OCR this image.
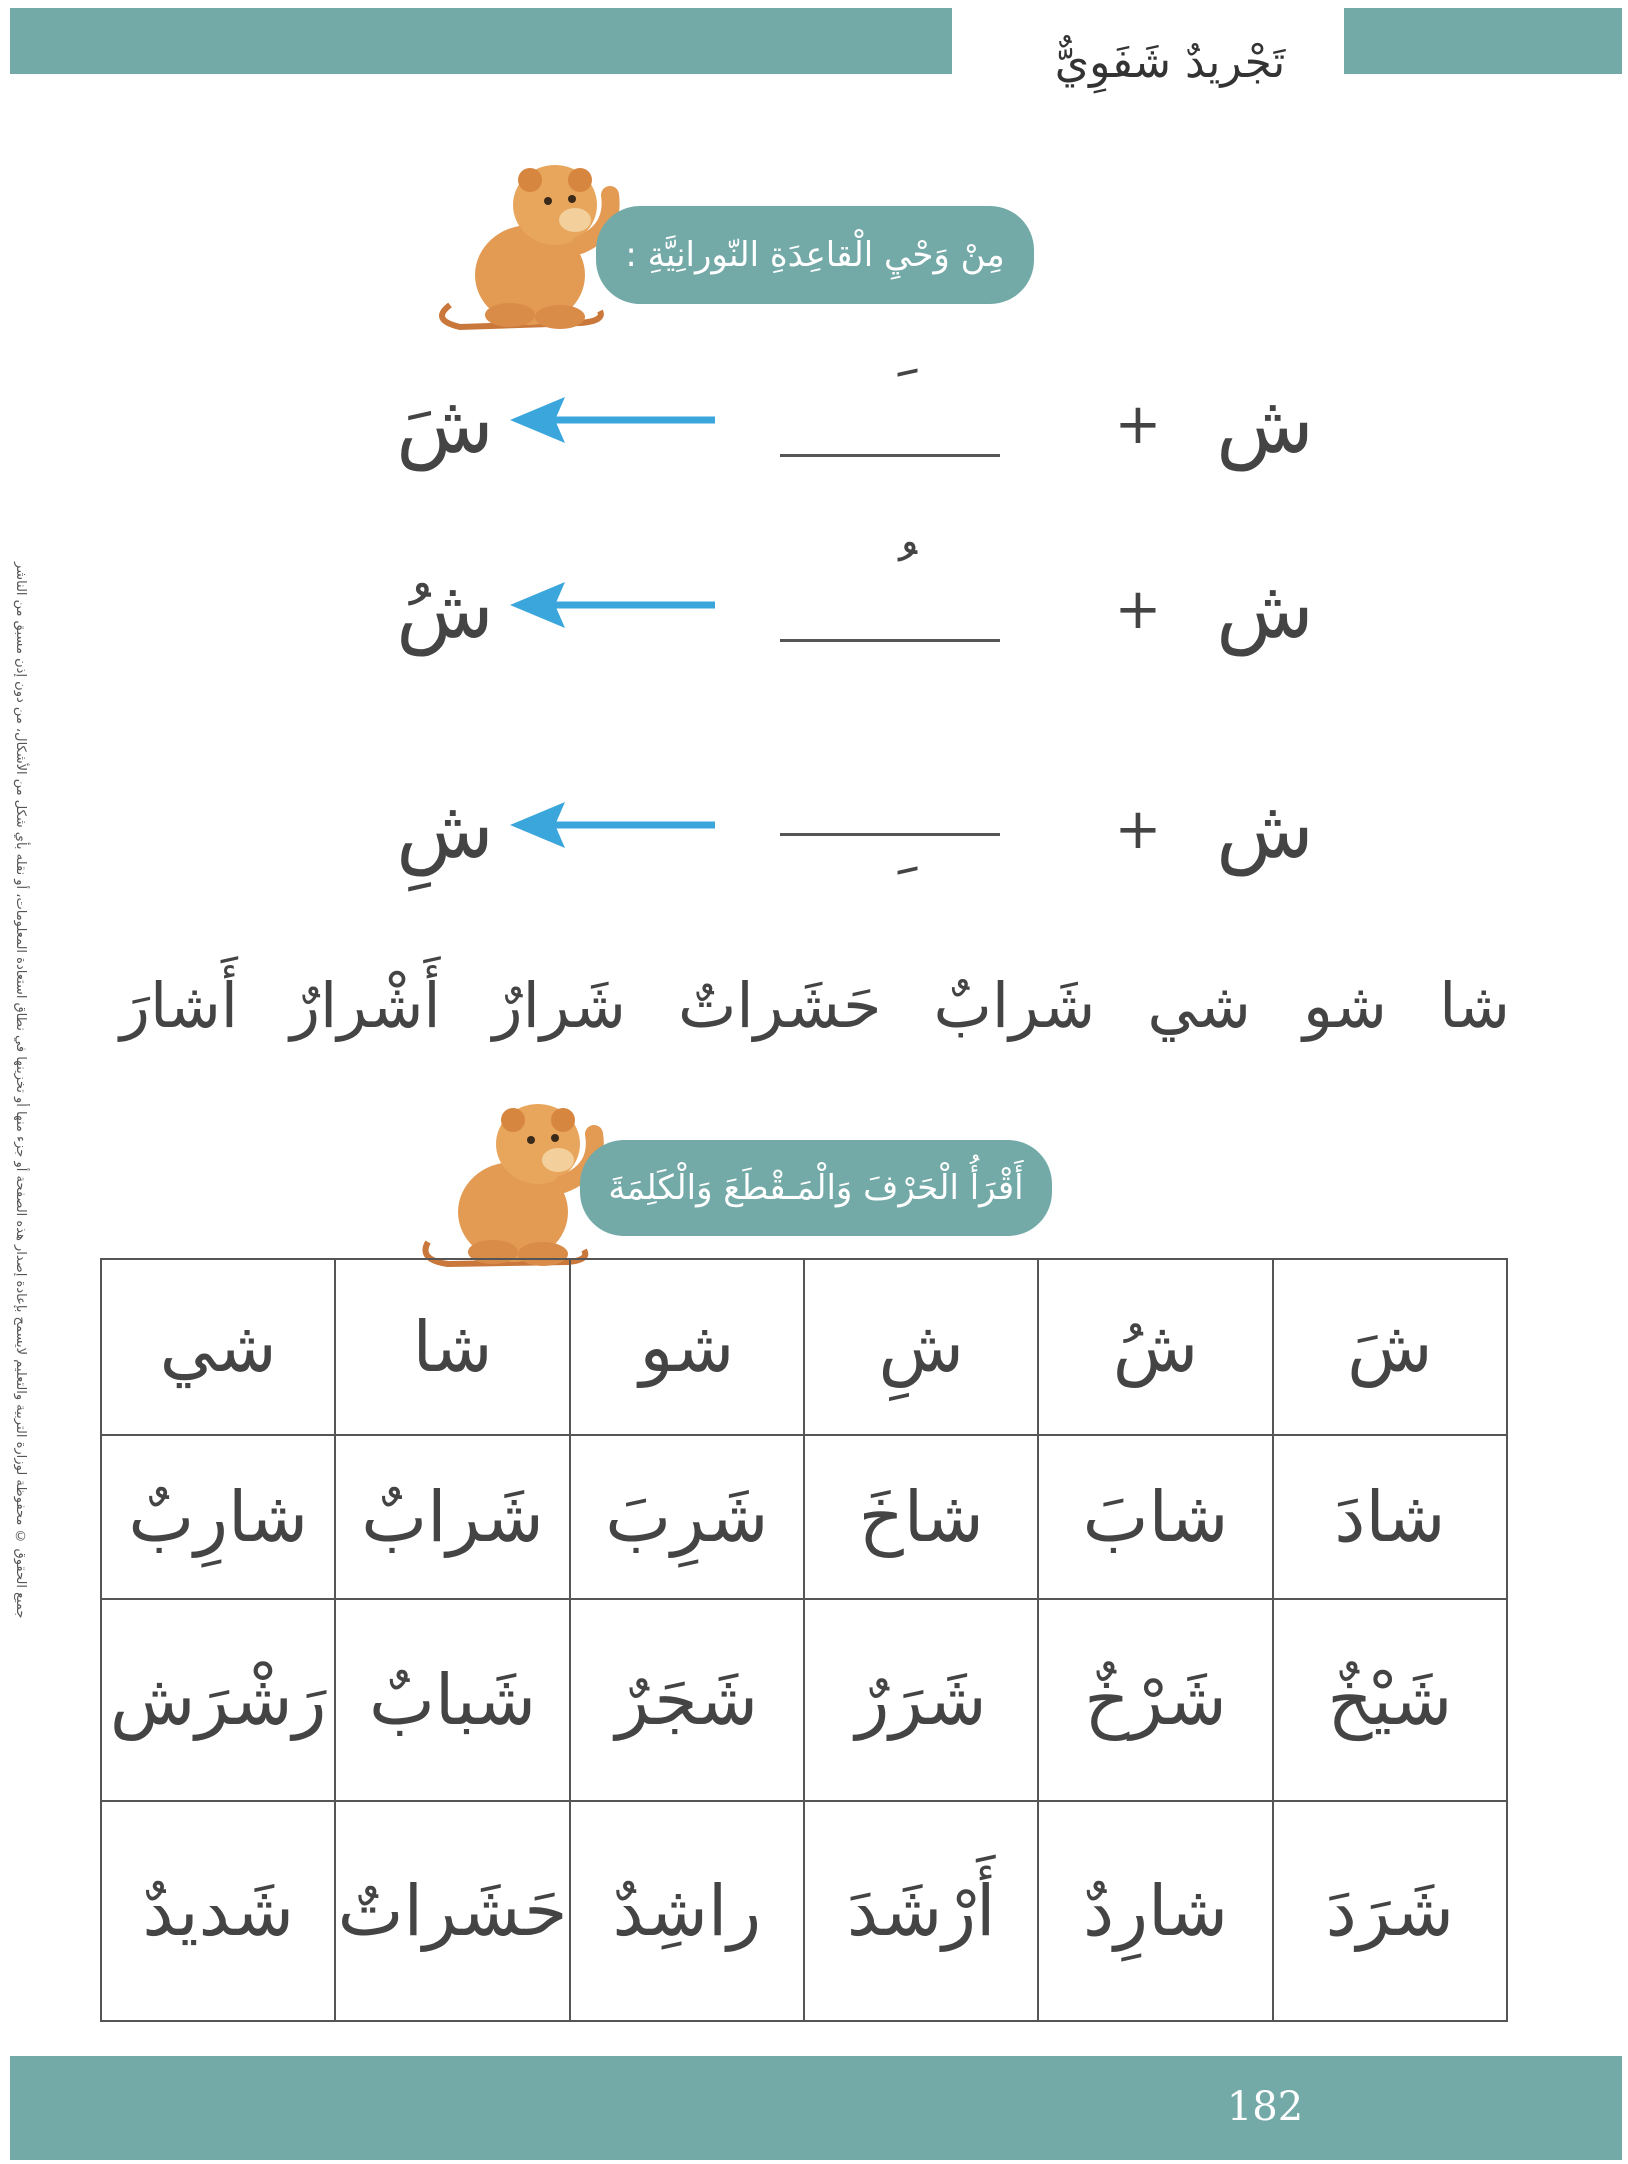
تَجْريدٌ شَفَوِيٌّ
جميع الحقوق © محفوظة لوزارة التربية والتعليم لايسمح بإعادة إصدار هذه الصفحة أو جزء منها أو تخزينها في نطاق استعادة المعلومات، أو نقله بأي شكل من الأشكال، من دون إذن مسبق من الناشر
مِنْ وَحْيِ الْقاعِدَةِ النّورانِيَّةِ :
ش
+
شَ
ش
+
شُ
ش
+
شِ
شا
شو
شي
شَرابٌ
حَشَراتٌ
شَرارٌ
أَشْرارٌ
أَشارَ
أَقْرَأُ الْحَرْفَ وَالْمَـقْطَعَ وَالْكَلِمَةَ
شَ	شُ	شِ	شو	شا	شي
شادَ	شابَ	شاخَ	شَرِبَ	شَرابٌ	شارِبٌ
شَيْخٌ	شَرْخٌ	شَرَرٌ	شَجَرٌ	شَبابٌ	رَشْرَش
شَرَدَ	شارِدٌ	أَرْشَدَ	راشِدٌ	حَشَراتٌ	شَديدٌ
182
